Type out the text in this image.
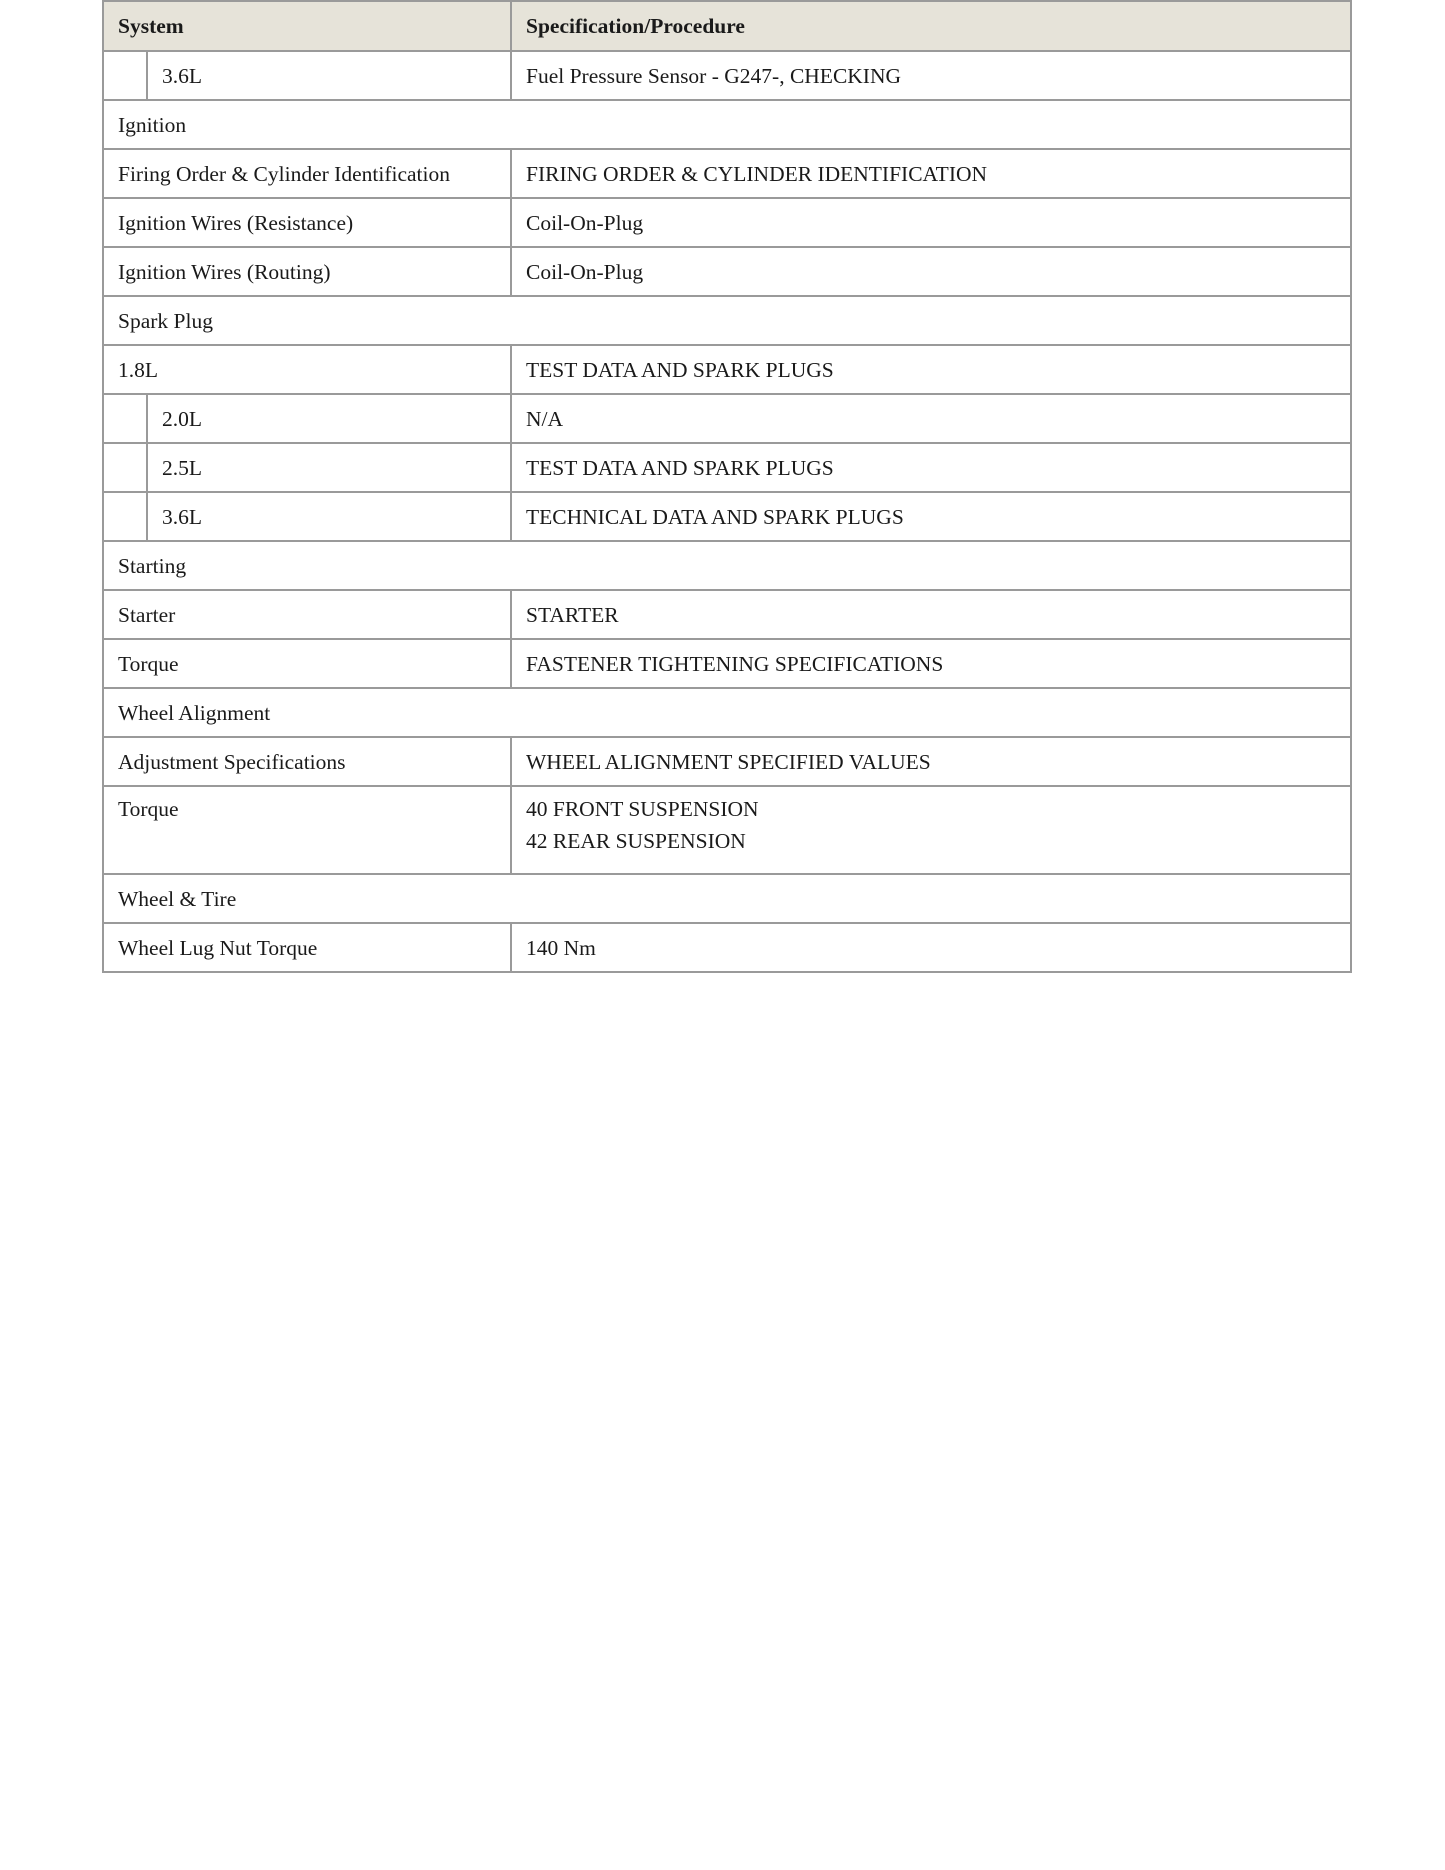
System		Specification/Procedure
	3.6L	Fuel Pressure Sensor - G247-, CHECKING
Ignition		
Firing Order & Cylinder Identification		FIRING ORDER & CYLINDER IDENTIFICATION
Ignition Wires (Resistance)		Coil-On-Plug
Ignition Wires (Routing)		Coil-On-Plug
Spark Plug		
1.8L		TEST DATA AND SPARK PLUGS
	2.0L	N/A
	2.5L	TEST DATA AND SPARK PLUGS
	3.6L	TECHNICAL DATA AND SPARK PLUGS
Starting		
Starter		STARTER
Torque		FASTENER TIGHTENING SPECIFICATIONS
Wheel Alignment		
Adjustment Specifications		WHEEL ALIGNMENT SPECIFIED VALUES
Torque		40 FRONT SUSPENSION
42 REAR SUSPENSION

Wheel & Tire		
Wheel Lug Nut Torque		140 Nm
